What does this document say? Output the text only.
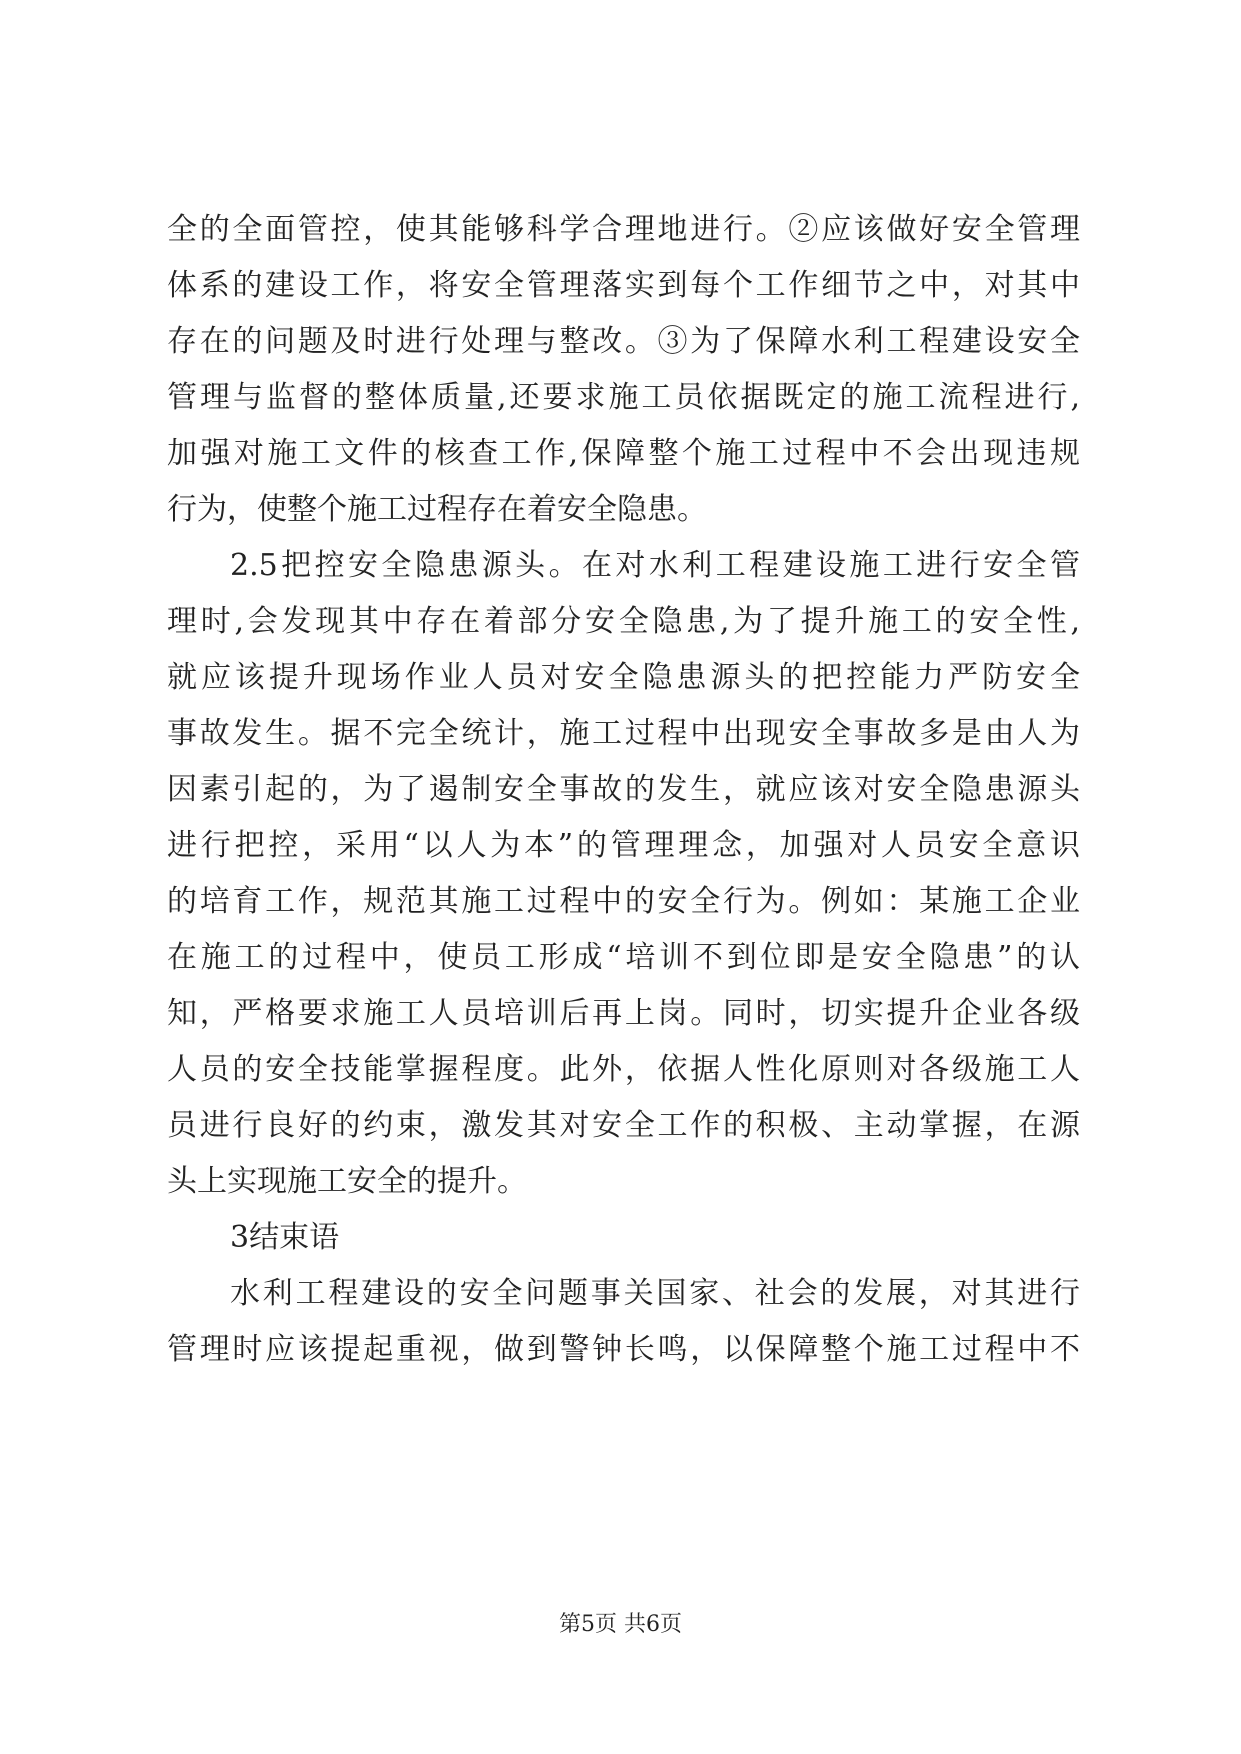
全的全面管控，使其能够科学合理地进行。②应该做好安全管理
体系的建设工作，将安全管理落实到每个工作细节之中，对其中
存在的问题及时进行处理与整改。③为了保障水利工程建设安全
管理与监督的整体质量,还要求施工员依据既定的施工流程进行,
加强对施工文件的核查工作,保障整个施工过程中不会出现违规
行为，使整个施工过程存在着安全隐患。
2.5把控安全隐患源头。在对水利工程建设施工进行安全管
理时,会发现其中存在着部分安全隐患,为了提升施工的安全性,
就应该提升现场作业人员对安全隐患源头的把控能力严防安全
事故发生。据不完全统计，施工过程中出现安全事故多是由人为
因素引起的，为了遏制安全事故的发生，就应该对安全隐患源头
进行把控，采用“以人为本”的管理理念，加强对人员安全意识
的培育工作，规范其施工过程中的安全行为。例如：某施工企业
在施工的过程中，使员工形成“培训不到位即是安全隐患”的认
知，严格要求施工人员培训后再上岗。同时，切实提升企业各级
人员的安全技能掌握程度。此外，依据人性化原则对各级施工人
员进行良好的约束，激发其对安全工作的积极、主动掌握，在源
头上实现施工安全的提升。
3结束语
水利工程建设的安全问题事关国家、社会的发展，对其进行
管理时应该提起重视，做到警钟长鸣，以保障整个施工过程中不
第5页 共6页
